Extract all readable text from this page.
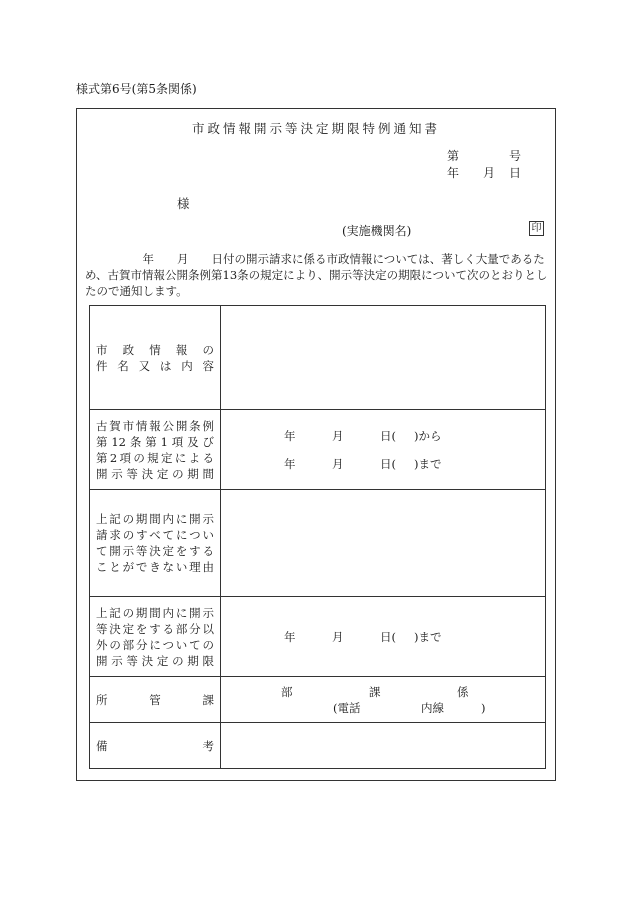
様式第6号(第5条関係)
市政情報開示等決定期限特例通知書
第	号
年 月 日
様
(実施機関名)	印

　　　　　年　　月　　日付の開示請求に係る市政情報については、著しく大量であるた

め、古賀市情報公開条例第13条の規定により、開示等決定の期限について次のとおりとし

たので通知します。

市政情報の
件名又は内容	

古賀市情報公開条例
第12条第1項及び
第2項の規定による
開示等決定の期間	年 月 日( )から
年 月 日( )まで

上記の期間内に開示
請求のすべてについ
て開示等決定をする
ことができない理由	

上記の期間内に開示
等決定をする部分以
外の部分についての
開示等決定の期限	年 月 日( )まで

所管課	部 課 係
(電話 内線 )

備考	
